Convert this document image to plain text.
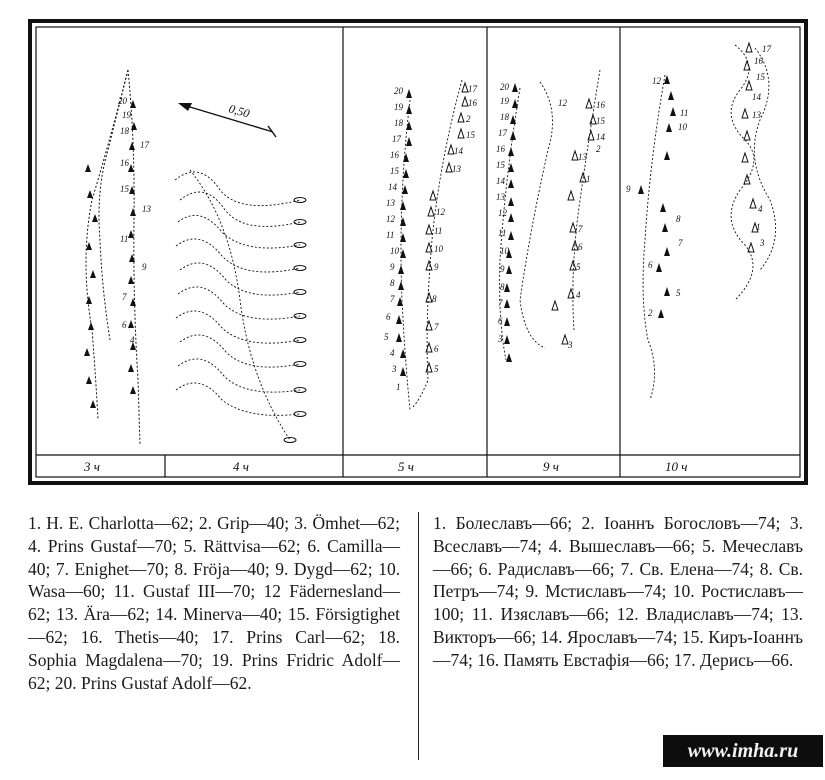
3 ч	4 ч	5 ч	9 ч	10 ч
0,50
20
19
18
17
16
15
13
11
9
7
6
4
20
19
18
17
16
15
14
13
12
11
10
9
8
7
6
5
4
3
1
17
16
2
15
14
13
12
11
10
9
8
7
6
5
20
19
18
17
16
15
14
13
12
11
10
9
8
7
6
3
16
15
14
13
12
2
1
7
6
5
4
3
17
16
15
14
13
12
11
10
9
8
7
6
5
4
3
2
1
1. H. E. Charlotta—62; 2. Grip—40; 3. Ömhet—62; 4. Prins Gustaf—70; 5. Rättvisa—62; 6. Camilla—40; 7. Enighet—70; 8. Fröja—40; 9. Dygd—62; 10. Wasa—60; 11. Gustaf III—70; 12 Fädernesland—62; 13. Ära—62; 14. Minerva—40; 15. Försigtighet—62; 16. Thetis—40; 17. Prins Carl—62; 18. Sophia Magdalena—70; 19. Prins Fridric Adolf—62; 20. Prins Gustaf Adolf—62.
1. Болеславъ—66; 2. Іоаннъ Богословъ—74; 3. Всеславъ—74; 4. Вышеславъ—66; 5. Мечеславъ—66; 6. Радиславъ—66; 7. Св. Елена—74; 8. Св. Петръ—74; 9. Мстиславъ—74; 10. Ростиславъ—100; 11. Изяславъ—66; 12. Владиславъ—74; 13. Викторъ—66; 14. Ярославъ—74; 15. Киръ-Іоаннъ—74; 16. Память Евстафія—66; 17. Дерись—66.
www.imha.ru
